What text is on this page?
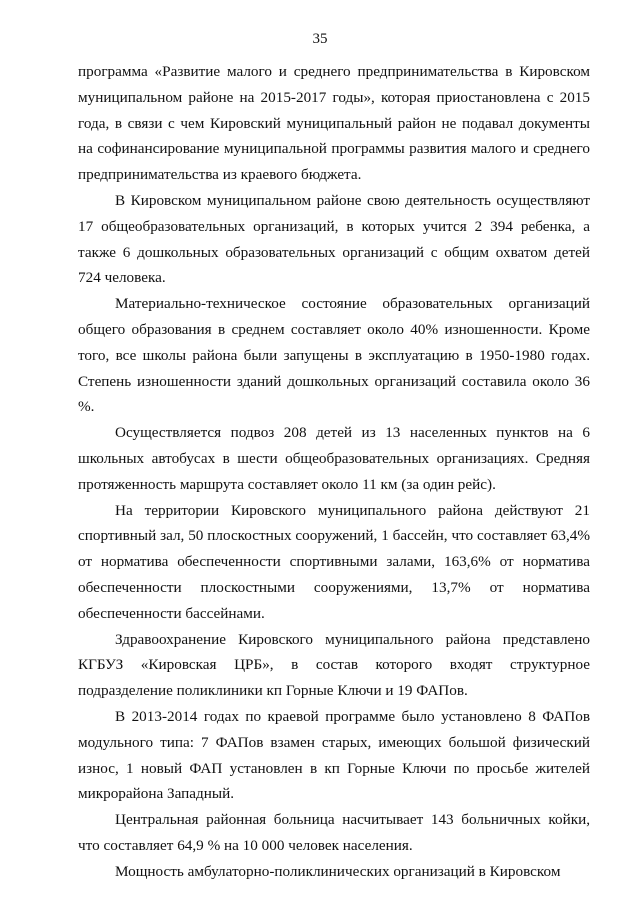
35

программа «Развитие малого и среднего предпринимательства в Кировском муниципальном районе на 2015-2017 годы», которая приостановлена с 2015 года, в связи с чем Кировский муниципальный район не подавал документы на софинансирование муниципальной программы развития малого и среднего предпринимательства из краевого бюджета.

В Кировском муниципальном районе свою деятельность осуществляют 17 общеобразовательных организаций, в которых учится 2 394 ребенка, а также 6 дошкольных образовательных организаций с общим охватом детей 724 человека.

Материально-техническое состояние образовательных организаций общего образования в среднем составляет около 40% изношенности. Кроме того, все школы района были запущены в эксплуатацию в 1950-1980 годах. Степень изношенности зданий дошкольных организаций составила около 36 %.

Осуществляется подвоз 208 детей из 13 населенных пунктов на 6 школьных автобусах в шести общеобразовательных организациях. Средняя протяженность маршрута составляет около 11 км (за один рейс).

На территории Кировского муниципального района действуют 21 спортивный зал, 50 плоскостных сооружений, 1 бассейн, что составляет 63,4% от норматива обеспеченности спортивными залами, 163,6% от норматива обеспеченности плоскостными сооружениями, 13,7% от норматива обеспеченности бассейнами.

Здравоохранение Кировского муниципального района представлено КГБУЗ «Кировская ЦРБ», в состав которого входят структурное подразделение поликлиники кп Горные Ключи и 19 ФАПов.

В 2013-2014 годах по краевой программе было установлено 8 ФАПов модульного типа: 7 ФАПов взамен старых, имеющих большой физический износ, 1 новый ФАП установлен в кп Горные Ключи по просьбе жителей микрорайона Западный.

Центральная районная больница насчитывает 143 больничных койки, что составляет 64,9 % на 10 000 человек населения.

Мощность амбулаторно-поликлинических организаций в Кировском
